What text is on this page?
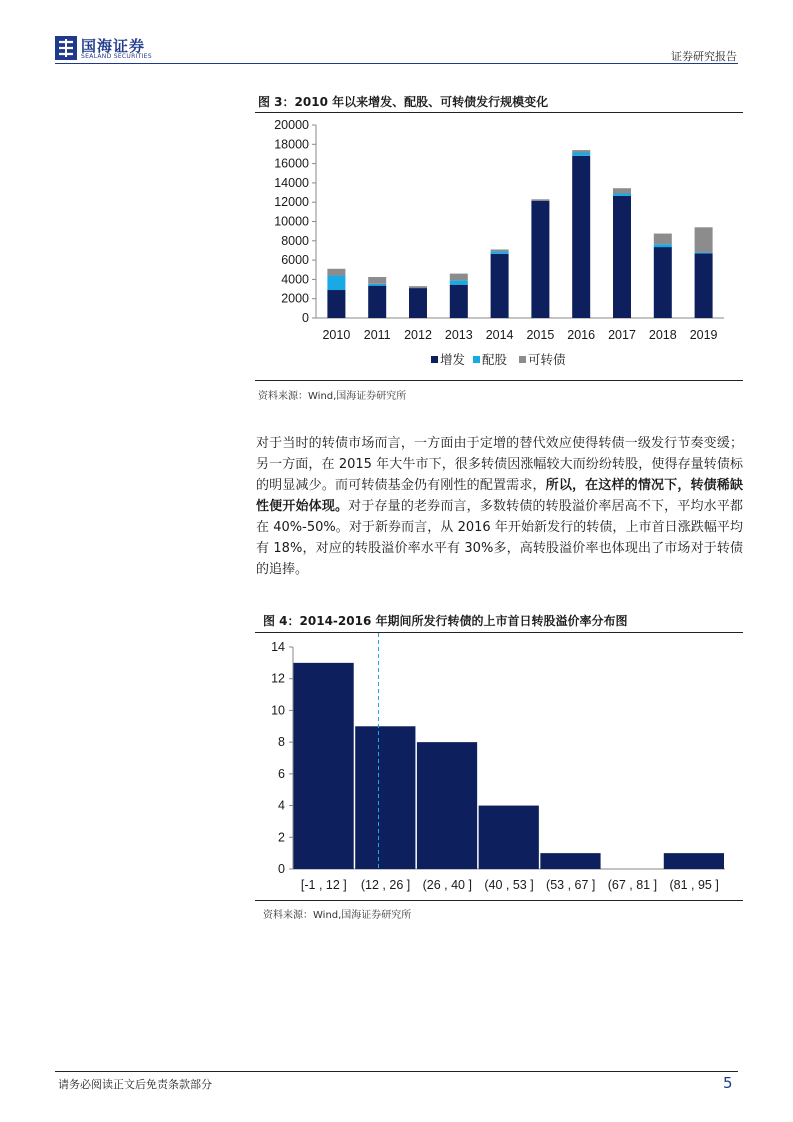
国海证券
SEALAND SECURITIES	证券研究报告
图 3：2010 年以来增发、配股、可转债发行规模变化
0
2000
4000
6000
8000
10000
12000
14000
16000
18000
20000
2010 2011 2012 2013 2014 2015 2016 2017 2018 2019
增发 配股 可转债
资料来源：Wind,国海证券研究所
对于当时的转债市场而言，一方面由于定增的替代效应使得转债一级发行节奏变缓；另一方面，在 2015 年大牛市下，很多转债因涨幅较大而纷纷转股，使得存量转债标的明显减少。而可转债基金仍有刚性的配置需求，所以，在这样的情况下，转债稀缺性便开始体现。对于存量的老券而言，多数转债的转股溢价率居高不下，平均水平都在 40%-50%。对于新券而言，从 2016 年开始新发行的转债，上市首日涨跌幅平均有 18%，对应的转股溢价率水平有 30%多，高转股溢价率也体现出了市场对于转债的追捧。
图 4：2014-2016 年期间所发行转债的上市首日转股溢价率分布图
0
2
4
6
8
10
12
14
[-1 , 12 ] (12 , 26 ] (26 , 40 ] (40 , 53 ] (53 , 67 ] (67 , 81 ] (81 , 95 ]
资料来源：Wind,国海证券研究所
请务必阅读正文后免责条款部分	5
